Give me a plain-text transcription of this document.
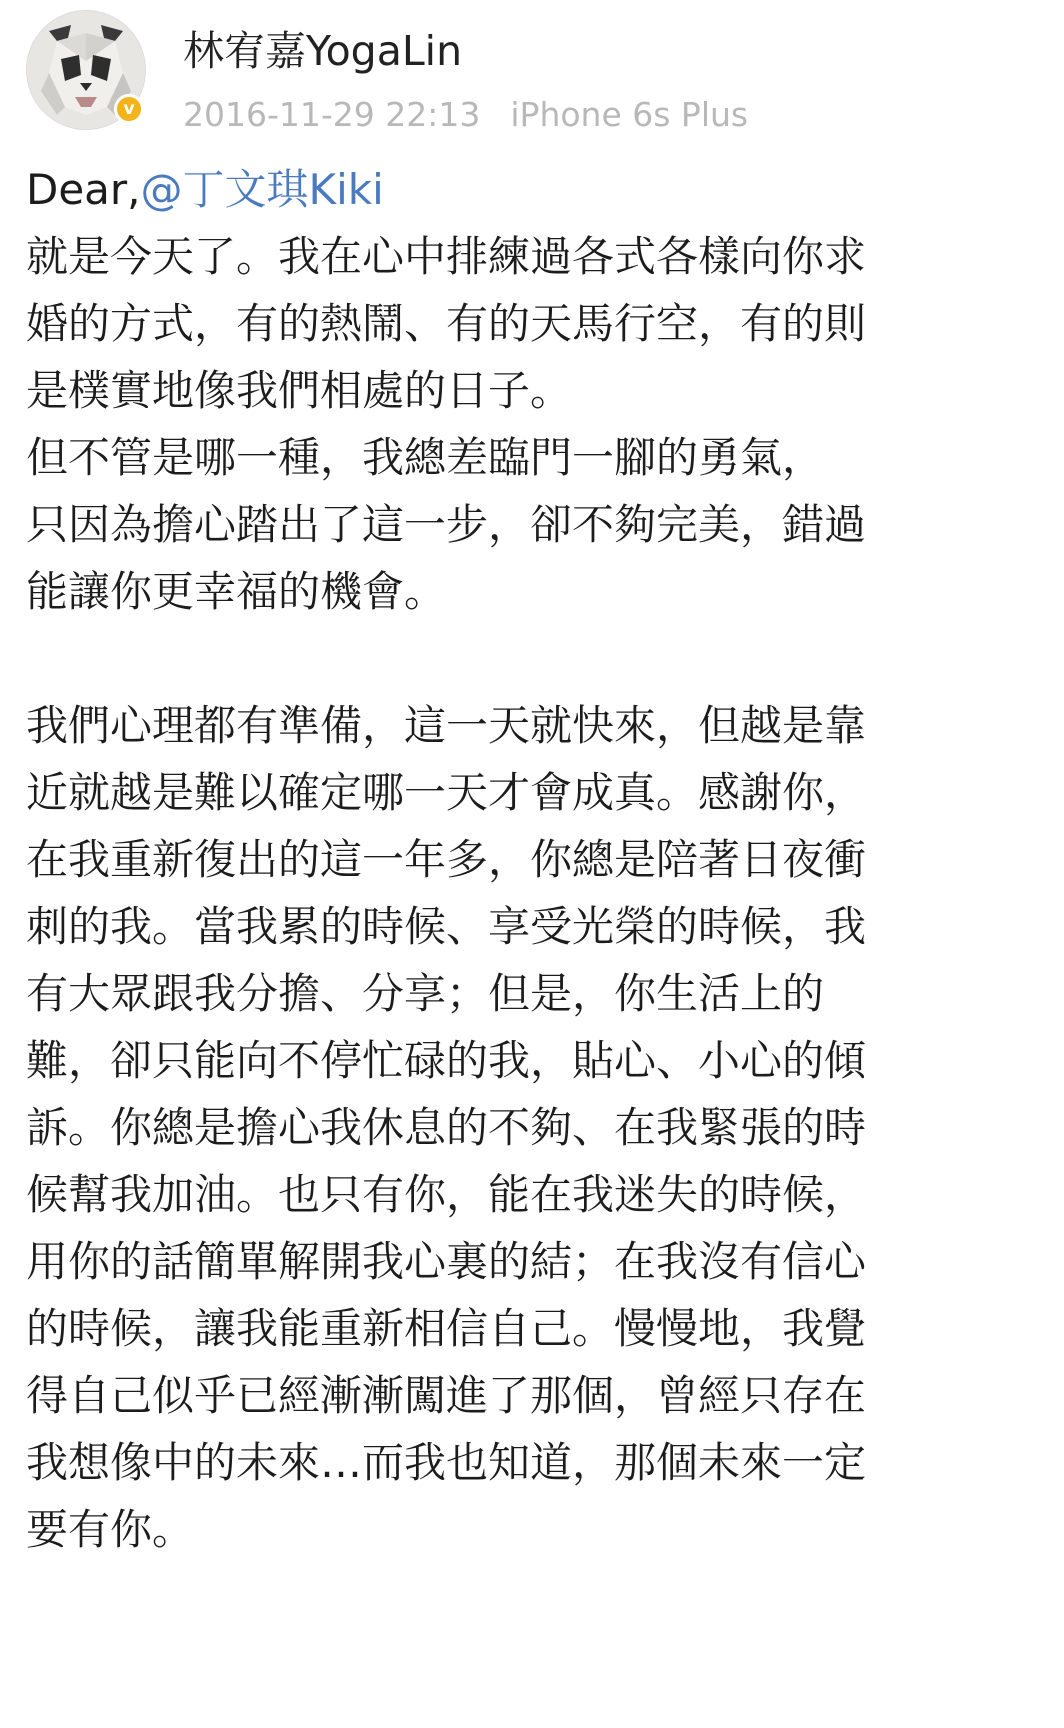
v
林宥嘉YogaLin
2016-11-29 22:13 iPhone 6s Plus
Dear,@丁文琪Kiki
就是今天了。我在心中排練過各式各樣向你求
婚的方式，有的熱鬧、有的天馬行空，有的則
是樸實地像我們相處的日子。
但不管是哪一種，我總差臨門一腳的勇氣，
只因為擔心踏出了這一步，卻不夠完美，錯過
能讓你更幸福的機會。
我們心理都有準備，這一天就快來，但越是靠
近就越是難以確定哪一天才會成真。感謝你，
在我重新復出的這一年多，你總是陪著日夜衝
刺的我。當我累的時候、享受光榮的時候，我
有大眾跟我分擔、分享；但是，你生活上的
難，卻只能向不停忙碌的我，貼心、小心的傾
訴。你總是擔心我休息的不夠、在我緊張的時
候幫我加油。也只有你，能在我迷失的時候，
用你的話簡單解開我心裏的結；在我沒有信心
的時候，讓我能重新相信自己。慢慢地，我覺
得自己似乎已經漸漸闖進了那個，曾經只存在
我想像中的未來…而我也知道，那個未來一定
要有你。
